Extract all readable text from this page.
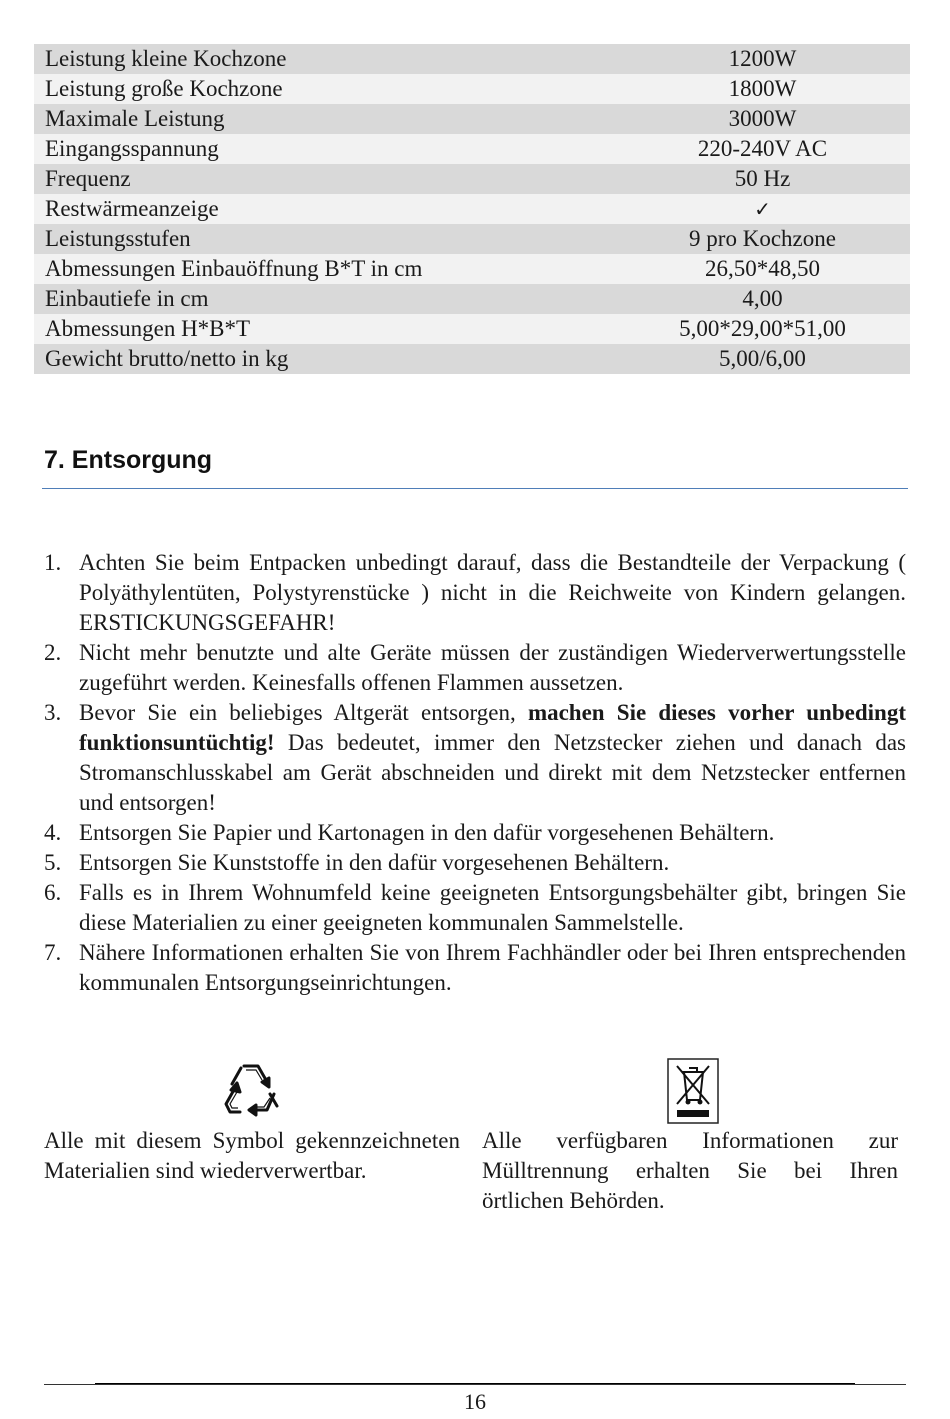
Leistung kleine Kochzone	1200W
Leistung große Kochzone	1800W
Maximale Leistung	3000W
Eingangsspannung	220-240V AC
Frequenz	50 Hz
Restwärmeanzeige	✓
Leistungsstufen	9 pro Kochzone
Abmessungen Einbauöffnung B*T in cm	26,50*48,50
Einbautiefe in cm	4,00
Abmessungen H*B*T	5,00*29,00*51,00
Gewicht brutto/netto in kg	5,00/6,00
7. Entsorgung
1. Achten Sie beim Entpacken unbedingt darauf, dass die Bestandteile der Verpackung ( Polyäthylentüten, Polystyrenstücke ) nicht in die Reichweite von Kindern gelangen. ERSTICKUNGSGEFAHR!
2. Nicht mehr benutzte und alte Geräte müssen der zuständigen Wiederverwertungsstelle zugeführt werden. Keinesfalls offenen Flammen aussetzen.
3. Bevor Sie ein beliebiges Altgerät entsorgen, machen Sie dieses vorher unbedingt funktionsuntüchtig! Das bedeutet, immer den Netzstecker ziehen und danach das Stromanschlusskabel am Gerät abschneiden und direkt mit dem Netzstecker entfernen und entsorgen!
4. Entsorgen Sie Papier und Kartonagen in den dafür vorgesehenen Behältern.
5. Entsorgen Sie Kunststoffe in den dafür vorgesehenen Behältern.
6. Falls es in Ihrem Wohnumfeld keine geeigneten Entsorgungsbehälter gibt, bringen Sie diese Materialien zu einer geeigneten kommunalen Sammelstelle.
7. Nähere Informationen erhalten Sie von Ihrem Fachhändler oder bei Ihren entsprechenden kommunalen Entsorgungseinrichtungen.
Alle mit diesem Symbol gekennzeichneten Materialien sind wiederverwertbar.
Alle verfügbaren Informationen zur Mülltrennung erhalten Sie bei Ihren örtlichen Behörden.
16
